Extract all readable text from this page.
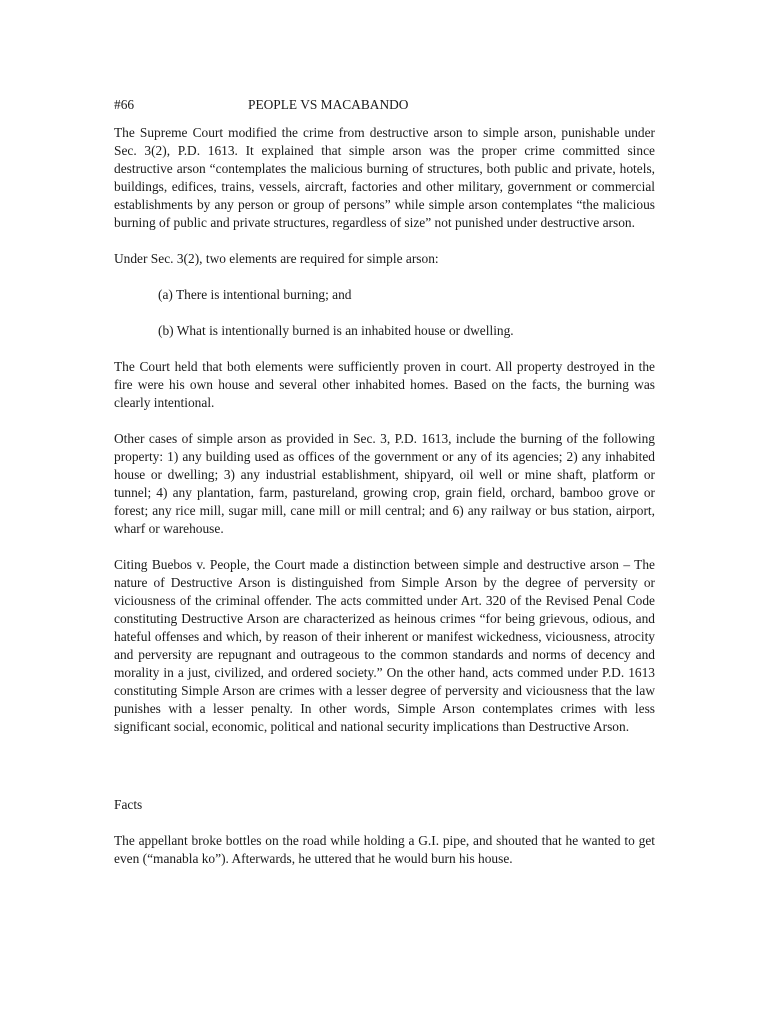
#66	PEOPLE VS MACABANDO

The Supreme Court modified the crime from destructive arson to simple arson, punishable under Sec. 3(2), P.D. 1613. It explained that simple arson was the proper crime committed since destructive arson “contemplates the malicious burning of structures, both public and private, hotels, buildings, edifices, trains, vessels, aircraft, factories and other military, government or commercial establishments by any person or group of persons” while simple arson contemplates “the malicious burning of public and private structures, regardless of size” not punished under destructive arson.

Under Sec. 3(2), two elements are required for simple arson:

(a) There is intentional burning; and

(b) What is intentionally burned is an inhabited house or dwelling.

The Court held that both elements were sufficiently proven in court. All property destroyed in the fire were his own house and several other inhabited homes. Based on the facts, the burning was clearly intentional.

Other cases of simple arson as provided in Sec. 3, P.D. 1613, include the burning of the following property: 1) any building used as offices of the government or any of its agencies; 2) any inhabited house or dwelling; 3) any industrial establishment, shipyard, oil well or mine shaft, platform or tunnel; 4) any plantation, farm, pastureland, growing crop, grain field, orchard, bamboo grove or forest; any rice mill, sugar mill, cane mill or mill central; and 6) any railway or bus station, airport, wharf or warehouse.

Citing Buebos v. People, the Court made a distinction between simple and destructive arson – The nature of Destructive Arson is distinguished from Simple Arson by the degree of perversity or viciousness of the criminal offender. The acts committed under Art. 320 of the Revised Penal Code constituting Destructive Arson are characterized as heinous crimes “for being grievous, odious, and hateful offenses and which, by reason of their inherent or manifest wickedness, viciousness, atrocity and perversity are repugnant and outrageous to the common standards and norms of decency and morality in a just, civilized, and ordered society.” On the other hand, acts commed under P.D. 1613 constituting Simple Arson are crimes with a lesser degree of perversity and viciousness that the law punishes with a lesser penalty. In other words, Simple Arson contemplates crimes with less significant social, economic, political and national security implications than Destructive Arson.

Facts

The appellant broke bottles on the road while holding a G.I. pipe, and shouted that he wanted to get even (“manabla ko”). Afterwards, he uttered that he would burn his house.
